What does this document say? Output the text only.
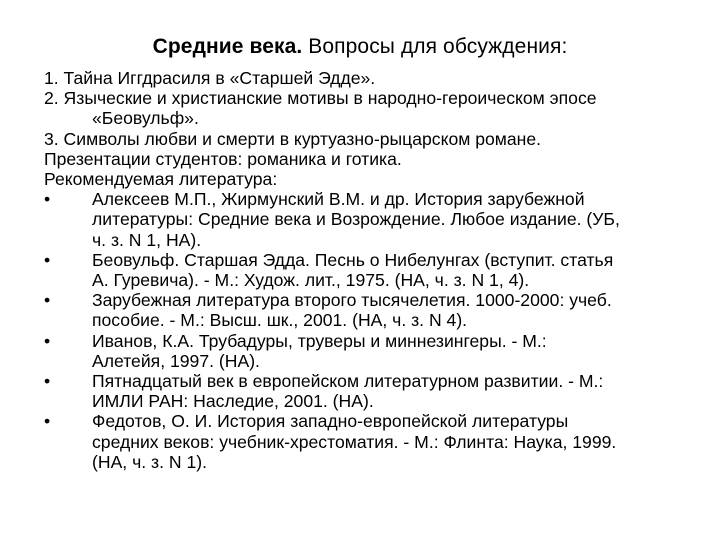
Средние века. Вопросы для обсуждения:
1. Тайна Иггдрасиля в «Старшей Эдде».
2. Языческие и христианские мотивы в народно-героическом эпосе
«Беовульф».
3. Символы любви и смерти в куртуазно-рыцарском романе.
Презентации студентов: романика и готика.
Рекомендуемая литература:
•	Алексеев М.П., Жирмунский В.М. и др. История зарубежной
литературы: Средние века и Возрождение. Любое издание. (УБ,
ч. з. N 1, НА).
•	Беовульф. Старшая Эдда. Песнь о Нибелунгах (вступит. статья
А. Гуревича). - М.: Худож. лит., 1975. (НА, ч. з. N 1, 4).
•	Зарубежная литература второго тысячелетия. 1000-2000: учеб.
пособие. - М.: Высш. шк., 2001. (НА, ч. з. N 4).
•	Иванов, К.А. Трубадуры, труверы и миннезингеры. - М.:
Алетейя, 1997. (НА).
•	Пятнадцатый век в европейском литературном развитии. - М.:
ИМЛИ РАН: Наследие, 2001. (НА).
•	Федотов, О. И. История западно-европейской литературы
средних веков: учебник-хрестоматия. - М.: Флинта: Наука, 1999.
(НА, ч. з. N 1).
